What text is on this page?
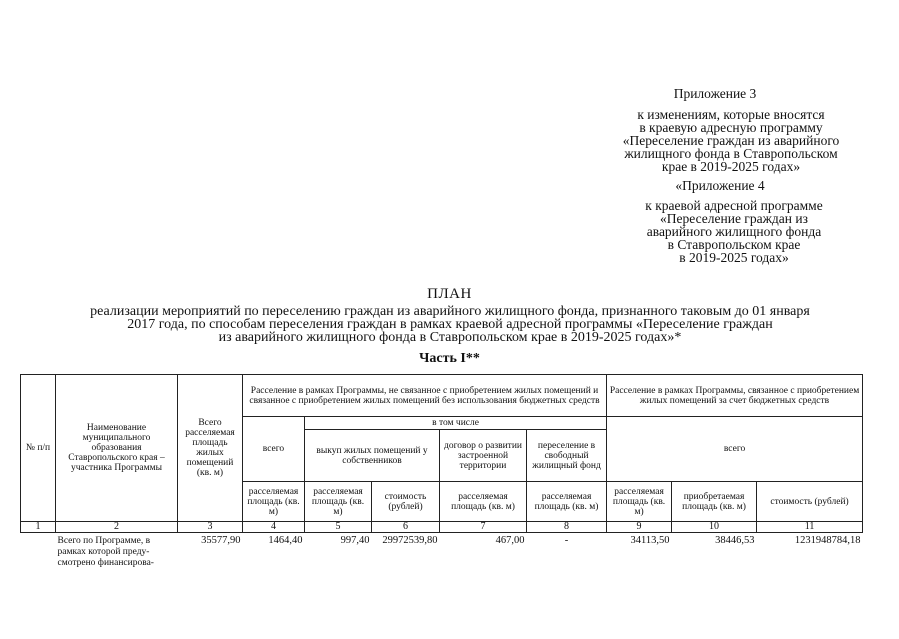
Приложение 3
к изменениям, которые вносятся
в краевую адресную программу
«Переселение граждан из аварийного
жилищного фонда в Ставропольском
крае в 2019-2025 годах»
«Приложение 4
к краевой адресной программе
«Переселение граждан из
аварийного жилищного фонда
в Ставропольском крае
в 2019-2025 годах»
ПЛАН
реализации мероприятий по переселению граждан из аварийного жилищного фонда, признанного таковым до 01 января
2017 года, по способам переселения граждан в рамках краевой адресной программы «Переселение граждан
из аварийного жилищного фонда в Ставропольском крае в 2019-2025 годах»*
Часть I**
№ п/п	Наименование муниципального образования Ставропольского края – участника Программы	Всего расселяемая площадь жилых помещений (кв. м)	Расселение в рамках Программы, не связанное с приобретением жилых помещений и связанное с приобретением жилых помещений без использования бюджетных средств					Расселение в рамках Программы, связанное с приобретением жилых помещений за счет бюджетных средств		
			всего	в том числе				всего		
				выкуп жилых помещений у собственников		договор о развитии застроенной территории	переселение в свободный жилищный фонд			
			расселяемая площадь (кв. м)	расселяемая площадь (кв. м)	стоимость (рублей)	расселяемая площадь (кв. м)	расселяемая площадь (кв. м)	расселяемая площадь (кв. м)	приобретаемая площадь (кв. м)	стоимость (рублей)
1	2	3	4	5	6	7	8	9	10	11
	Всего по Программе, в рамках которой преду-смотрено финансирова-	35577,90	1464,40	997,40	29972539,80	467,00	-	34113,50	38446,53	1231948784,18
